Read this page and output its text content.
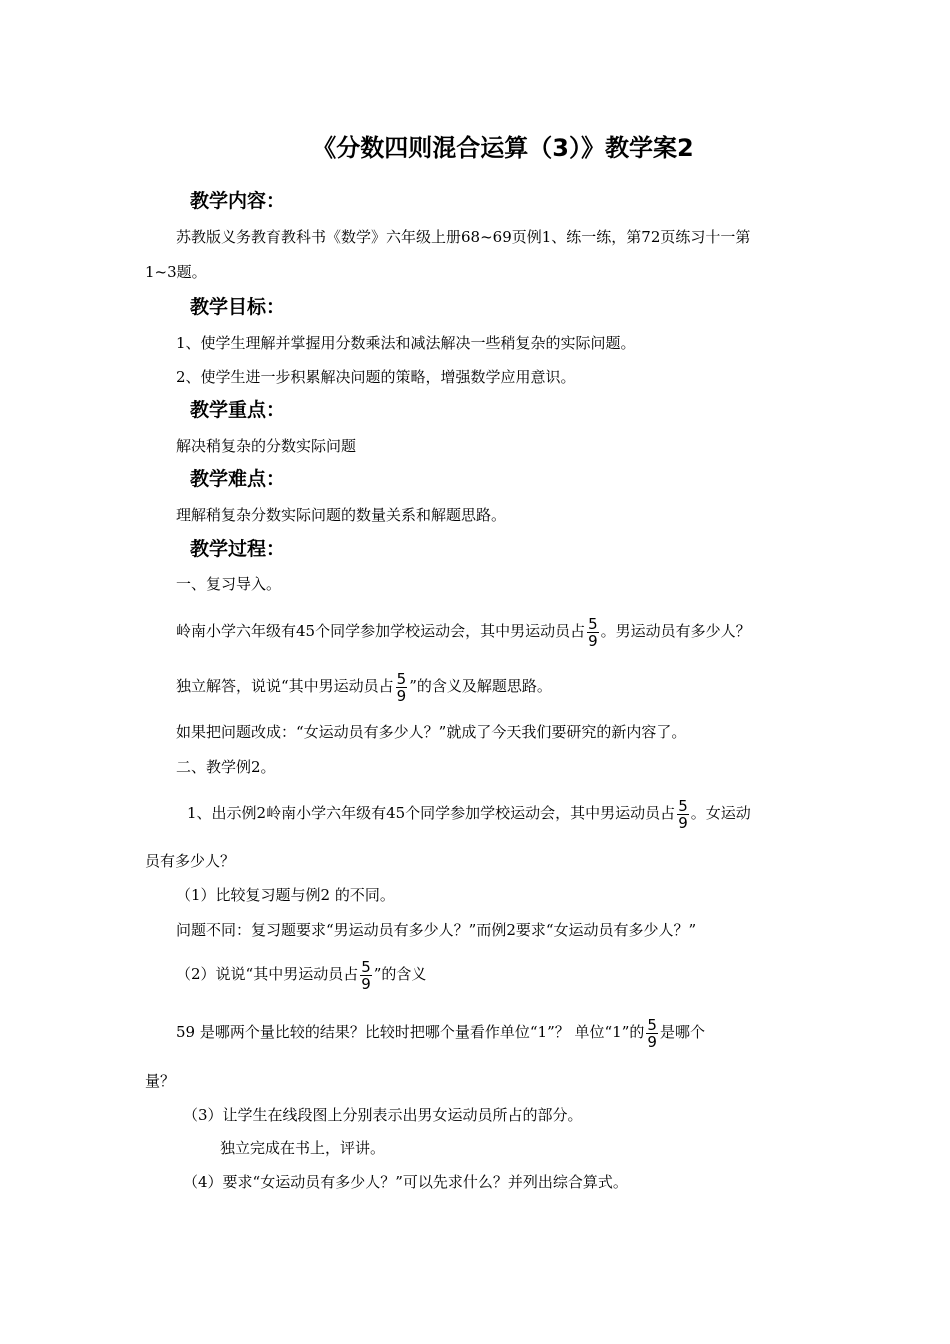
《分数四则混合运算（3）》教学案2
教学内容：
苏教版义务教育教科书《数学》六年级上册68~69页例1、练一练，第72页练习十一第
1~3题。
教学目标：
1、使学生理解并掌握用分数乘法和减法解决一些稍复杂的实际问题。
2、使学生进一步积累解决问题的策略，增强数学应用意识。
教学重点：
解决稍复杂的分数实际问题
教学难点：
理解稍复杂分数实际问题的数量关系和解题思路。
教学过程：
一、复习导入。
岭南小学六年级有45个同学参加学校运动会，其中男运动员占 $\frac{5}{9}$ 。男运动员有多少人？
独立解答，说说“其中男运动员占 $\frac{5}{9}$ ”的含义及解题思路。
如果把问题改成：“女运动员有多少人？”就成了今天我们要研究的新内容了。
二、教学例2。
1、出示例2岭南小学六年级有45个同学参加学校运动会，其中男运动员占 $\frac{5}{9}$ 。女运动
员有多少人？
（1）比较复习题与例2 的不同。
问题不同：复习题要求“男运动员有多少人？”而例2要求“女运动员有多少人？”
（2）说说“其中男运动员占 $\frac{5}{9}$ ”的含义
59 是哪两个量比较的结果？比较时把哪个量看作单位“1”？ 单位“1”的 $\frac{5}{9}$ 是哪个
量？
（3）让学生在线段图上分别表示出男女运动员所占的部分。
独立完成在书上，评讲。
（4）要求“女运动员有多少人？”可以先求什么？并列出综合算式。
